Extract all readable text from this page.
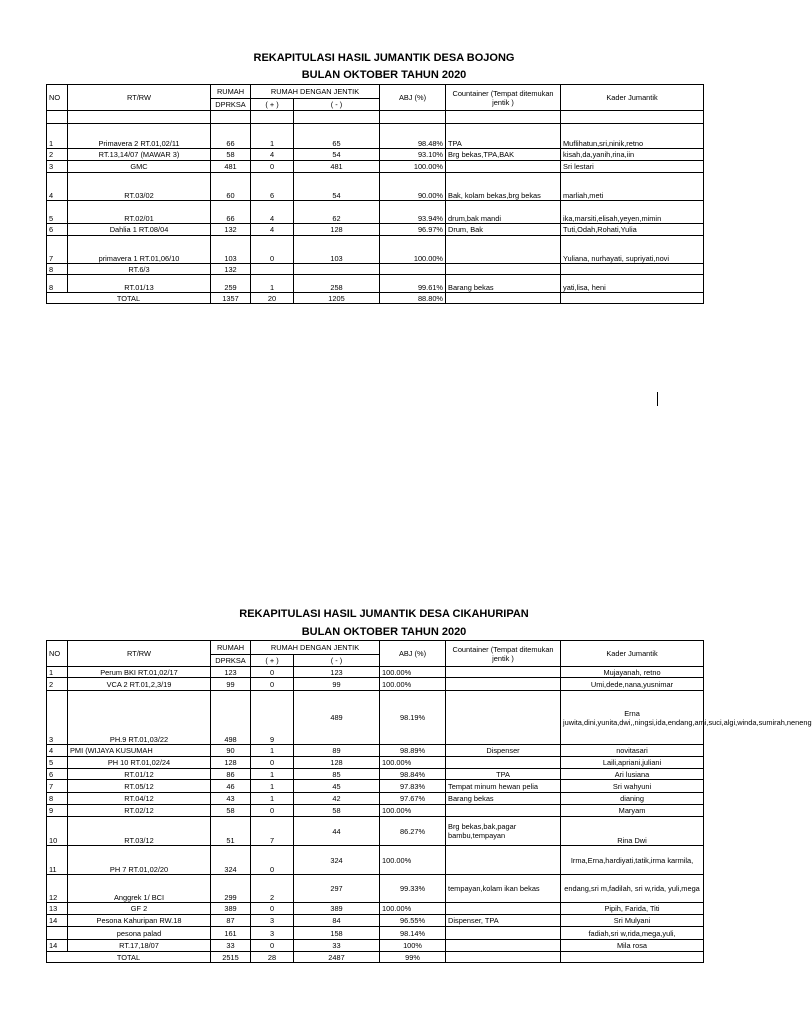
REKAPITULASI HASIL JUMANTIK DESA BOJONG
BULAN OKTOBER TAHUN 2020
NO	RT/RW	RUMAH	RUMAH DENGAN JENTIK		ABJ (%)	Countainer (Tempat ditemukan jentik )	Kader Jumantik
		DPRKSA	( + )	( - )			

1	Primavera 2 RT.01,02/11	66	1	65	98.48%	TPA	Muflihatun,sri,ninik,retno
2	RT.13,14/07 (MAWAR 3)	58	4	54	93.10%	Brg bekas,TPA,BAK	kisah,da,yanih,rina,iin
3	GMC	481	0	481	100.00%		Sri lestari
4	RT.03/02	60	6	54	90.00%	Bak, kolam bekas,brg bekas	marliah,meti
5	RT.02/01	66	4	62	93.94%	drum,bak mandi	ika,marsiti,elisah,yeyen,mimin
6	Dahlia 1 RT.08/04	132	4	128	96.97%	Drum, Bak	Tuti,Odah,Rohati,Yulia
7	primavera 1 RT.01,06/10	103	0	103	100.00%		Yuliana, nurhayati, supriyati,novi
8	RT.6/3	132					
8	RT.01/13	259	1	258	99.61%	Barang bekas	yati,lisa, heni
TOTAL		1357	20	1205	88.80%		
REKAPITULASI HASIL JUMANTIK DESA CIKAHURIPAN
BULAN OKTOBER TAHUN 2020
NO	RT/RW	RUMAH	RUMAH DENGAN JENTIK		ABJ (%)	Countainer (Tempat ditemukan jentik )	Kader Jumantik
		DPRKSA	( + )	( - )			
1	Perum BKI RT.01,02/17	123	0	123	100.00%		Mujayanah, retno
2	VCA 2 RT.01,2,3/19	99	0	99	100.00%		Umi,dede,nana,yusnimar
3	PH.9 RT.01,03/22	498	9	489	98.19%		Erna juwita,dini,yunita,dwi,,ningsi,ida,endang,ami,suci,algi,winda,sumirah,neneng
4	PMI (WIJAYA KUSUMAH	90	1	89	98.89%	Dispenser	novitasari
5	PH 10 RT.01,02/24	128	0	128	100.00%		Laili,apriani,juliani
6	RT.01/12	86	1	85	98.84%	TPA	Ari lusiana
7	RT.05/12	46	1	45	97.83%	Tempat minum hewan pelia	Sri wahyuni
8	RT.04/12	43	1	42	97.67%	Barang bekas	dianing
9	RT.02/12	58	0	58	100.00%		Maryam
10	RT.03/12	51	7	44	86.27%	Brg bekas,bak,pagar bambu,tempayan	Rina Dwi
11	PH 7 RT.01,02/20	324	0	324	100.00%		Irma,Erna,hardiyati,tatik,irma karmila,
12	Anggrek 1/ BCI	299	2	297	99.33%	tempayan,kolam ikan bekas	endang,sri m,fadilah, sri w,rida, yuli,mega
13	GF 2	389	0	389	100.00%		Pipih, Farida, Titi
14	Pesona Kahuripan RW.18	87	3	84	96.55%	Dispenser, TPA	Sri Mulyani
	pesona palad	161	3	158	98.14%		fadiah,sri w,rida,mega,yuli,
14	RT.17,18/07	33	0	33	100%		Mila rosa
TOTAL		2515	28	2487	99%		
